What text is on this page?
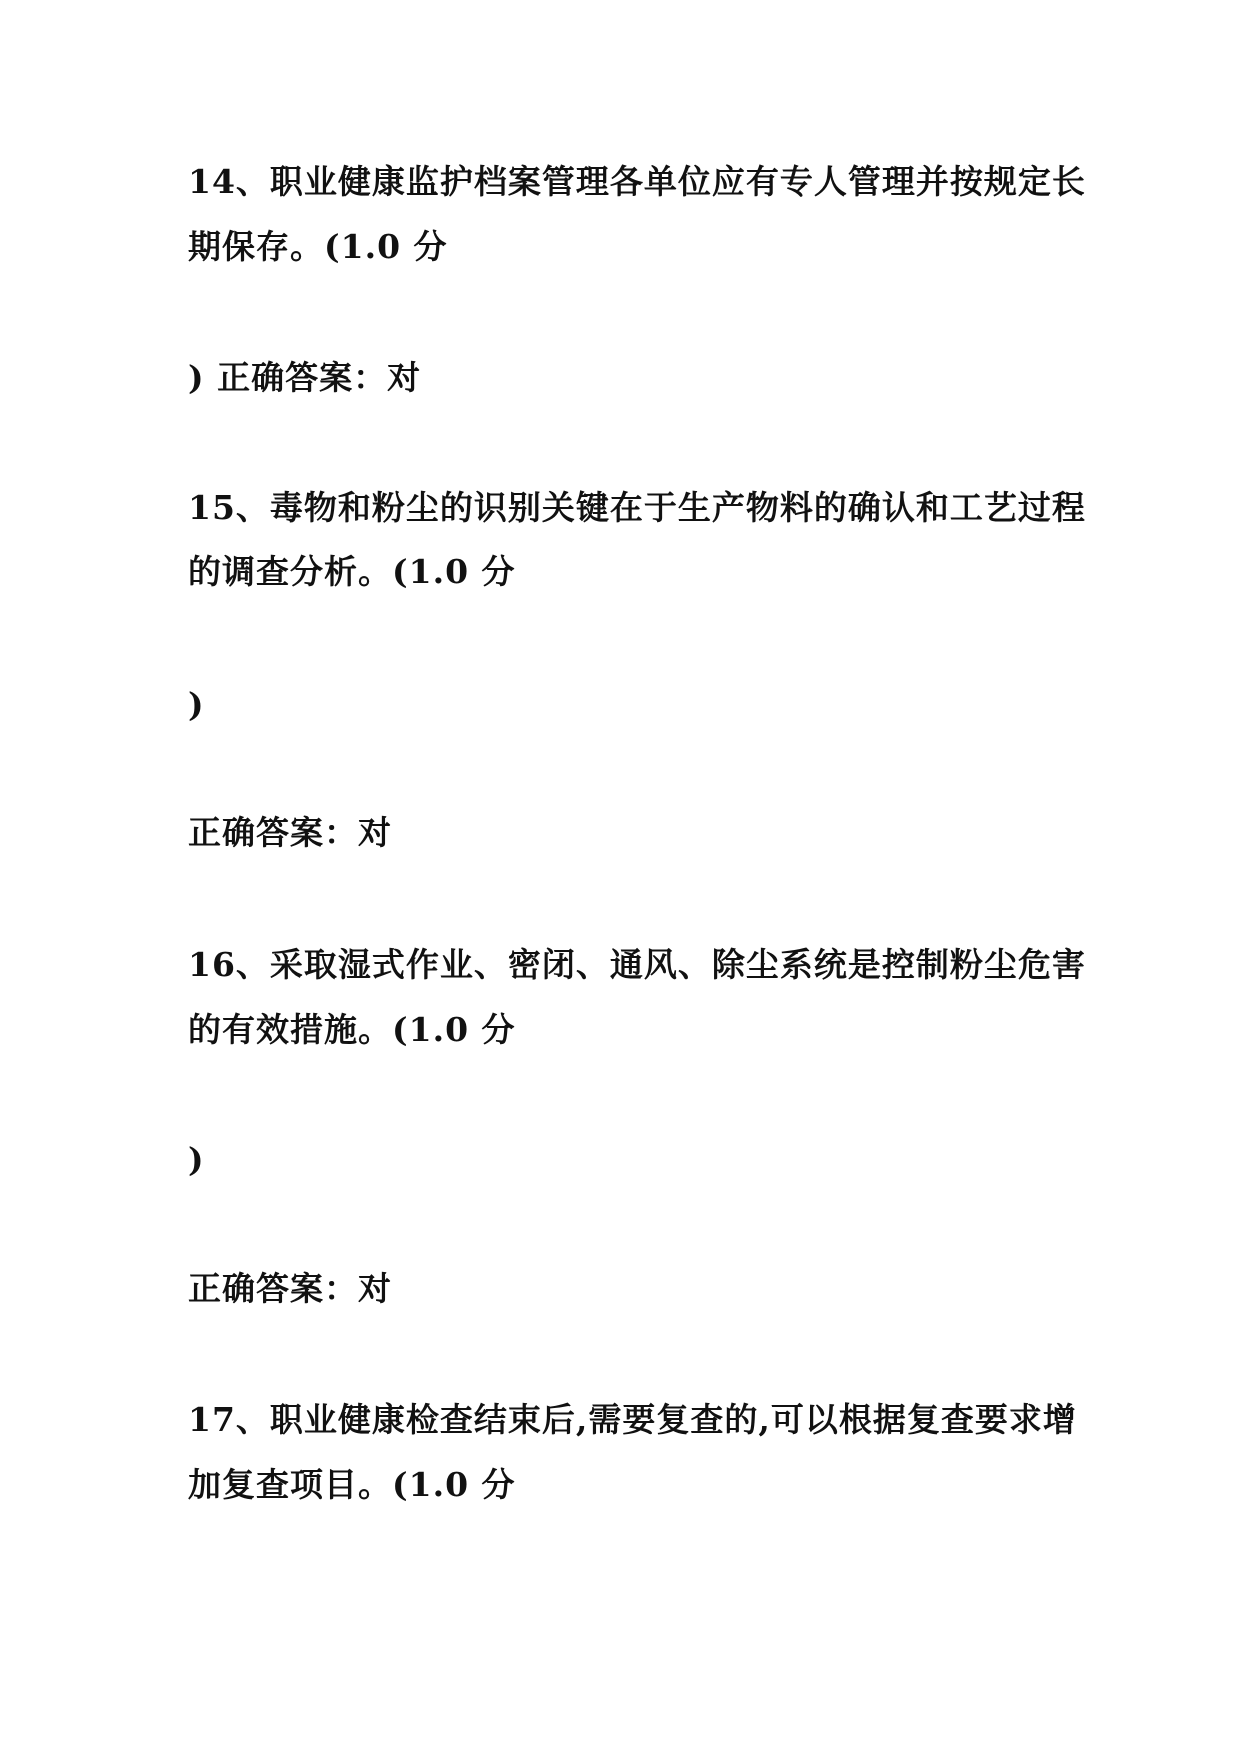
14、职业健康监护档案管理各单位应有专人管理并按规定长
期保存。(1.0 分
) 正确答案：对
15、毒物和粉尘的识别关键在于生产物料的确认和工艺过程
的调查分析。(1.0 分
)
正确答案：对
16、采取湿式作业、密闭、通风、除尘系统是控制粉尘危害
的有效措施。(1.0 分
)
正确答案：对
17、职业健康检查结束后,需要复查的,可以根据复查要求增
加复查项目。(1.0 分
